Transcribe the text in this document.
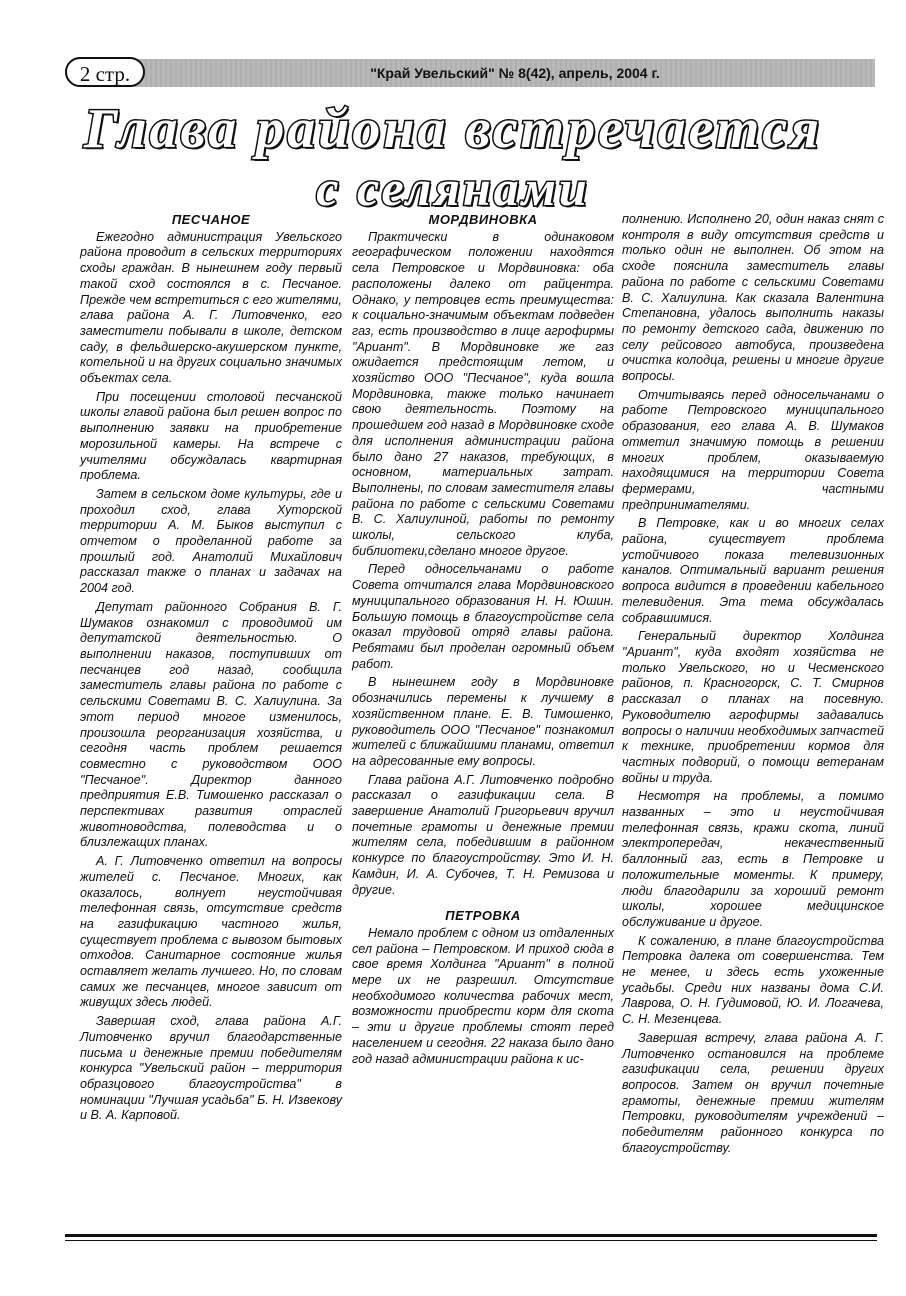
2 стр.	"Край Увельский" № 8(42), апрель, 2004 г.
Глава района встречается
с селянами
ПЕСЧАНОЕ

Ежегодно администрация Увельского района проводит в сельских территориях сходы граждан. В нынешнем году первый такой сход состоялся в с. Песчаное. Прежде чем встретиться с его жителями, глава района А. Г. Литовченко, его заместители побывали в школе, детском саду, в фельдшерско-акушерском пункте, котельной и на других социально значимых объектах села.

При посещении столовой песчанской школы главой района был решен вопрос по выполнению заявки на приобретение морозильной камеры. На встрече с учителями обсуждалась квартирная проблема.

Затем в сельском доме культуры, где и проходил сход, глава Хуторской территории А. М. Быков выступил с отчетом о проделанной работе за прошлый год. Анатолий Михайлович рассказал также о планах и задачах на 2004 год.

Депутат районного Собрания В. Г. Шумаков ознакомил с проводимой им депутатской деятельностью. О выполнении наказов, поступивших от песчанцев год назад, сообщила заместитель главы района по работе с сельскими Советами В. С. Халиулина. За этот период многое изменилось, произошла реорганизация хозяйства, и сегодня часть проблем решается совместно с руководством ООО "Песчаное". Директор данного предприятия Е.В. Тимошенко рассказал о перспективах развития отраслей животноводства, полеводства и о близлежащих планах.

А. Г. Литовченко ответил на вопросы жителей с. Песчаное. Многих, как оказалось, волнует неустойчивая телефонная связь, отсутствие средств на газификацию частного жилья, существует проблема с вывозом бытовых отходов. Санитарное состояние жилья оставляет желать лучшего. Но, по словам самих же песчанцев, многое зависит от живущих здесь людей.

Завершая сход, глава района А.Г. Литовченко вручил благодарственные письма и денежные премии победителям конкурса "Увельский район – территория образцового благоустройства" в номинации "Лучшая усадьба" Б. Н. Извекову и В. А. Карповой.

МОРДВИНОВКА

Практически в одинаковом географическом положении находятся села Петровское и Мордвиновка: оба расположены далеко от райцентра. Однако, у петровцев есть преимущества: к социально-значимым объектам подведен газ, есть производство в лице агрофирмы "Ариант". В Мордвиновке же газ ожидается предстоящим летом, и хозяйство ООО "Песчаное", куда вошла Мордвиновка, также только начинает свою деятельность. Поэтому на прошедшем год назад в Мордвиновке сходе для исполнения администрации района было дано 27 наказов, требующих, в основном, материальных затрат. Выполнены, по словам заместителя главы района по работе с сельскими Советами В. С. Халиулиной, работы по ремонту школы, сельского клуба, библиотеки,сделано многое другое.

Перед односельчанами о работе Совета отчитался глава Мордвиновского муниципального образования Н. Н. Юшин. Большую помощь в благоустройстве села оказал трудовой отряд главы района. Ребятами был проделан огромный объем работ.

В нынешнем году в Мордвиновке обозначились перемены к лучшему в хозяйственном плане. Е. В. Тимошенко, руководитель ООО "Песчаное" познакомил жителей с ближайшими планами, ответил на адресованные ему вопросы.

Глава района А.Г. Литовченко подробно рассказал о газификации села. В завершение Анатолий Григорьевич вручил почетные грамоты и денежные премии жителям села, победившим в районном конкурсе по благоустройству. Это И. Н. Камдин, И. А. Субочев, Т. Н. Ремизова и другие.

ПЕТРОВКА

Немало проблем с одном из отдаленных сел района – Петровском. И приход сюда в свое время Холдинга "Ариант" в полной мере их не разрешил. Отсутствие необходимого количества рабочих мест, возможности приобрести корм для скота – эти и другие проблемы стоят перед населением и сегодня. 22 наказа было дано год назад администрации района к ис-

полнению. Исполнено 20, один наказ снят с контроля в виду отсутствия средств и только один не выполнен. Об этом на сходе пояснила заместитель главы района по работе с сельскими Советами В. С. Халиулина. Как сказала Валентина Степановна, удалось выполнить наказы по ремонту детского сада, движению по селу рейсового автобуса, произведена очистка колодца, решены и многие другие вопросы.

Отчитываясь перед односельчанами о работе Петровского муниципального образования, его глава А. В. Шумаков отметил значимую помощь в решении многих проблем, оказываемую находящимися на территории Совета фермерами, частными предпринимателями.

В Петровке, как и во многих селах района, существует проблема устойчивого показа телевизионных каналов. Оптимальный вариант решения вопроса видится в проведении кабельного телевидения. Эта тема обсуждалась собравшимися.

Генеральный директор Холдинга "Ариант", куда входят хозяйства не только Увельского, но и Чесменского районов, п. Красногорск, С. Т. Смирнов рассказал о планах на посевную. Руководителю агрофирмы задавались вопросы о наличии необходимых запчастей к технике, приобретении кормов для частных подворий, о помощи ветеранам войны и труда.

Несмотря на проблемы, а помимо названных – это и неустойчивая телефонная связь, кражи скота, линий электропередач, некачественный баллонный газ, есть в Петровке и положительные моменты. К примеру, люди благодарили за хороший ремонт школы, хорошее медицинское обслуживание и другое.

К сожалению, в плане благоустройства Петровка далека от совершенства. Тем не менее, и здесь есть ухоженные усадьбы. Среди них названы дома С.И. Лаврова, О. Н. Гудимовой, Ю. И. Логачева, С. Н. Мезенцева.

Завершая встречу, глава района А. Г. Литовченко остановился на проблеме газификации села, решении других вопросов. Затем он вручил почетные грамоты, денежные премии жителям Петровки, руководителям учреждений – победителям районного конкурса по благоустройству.
